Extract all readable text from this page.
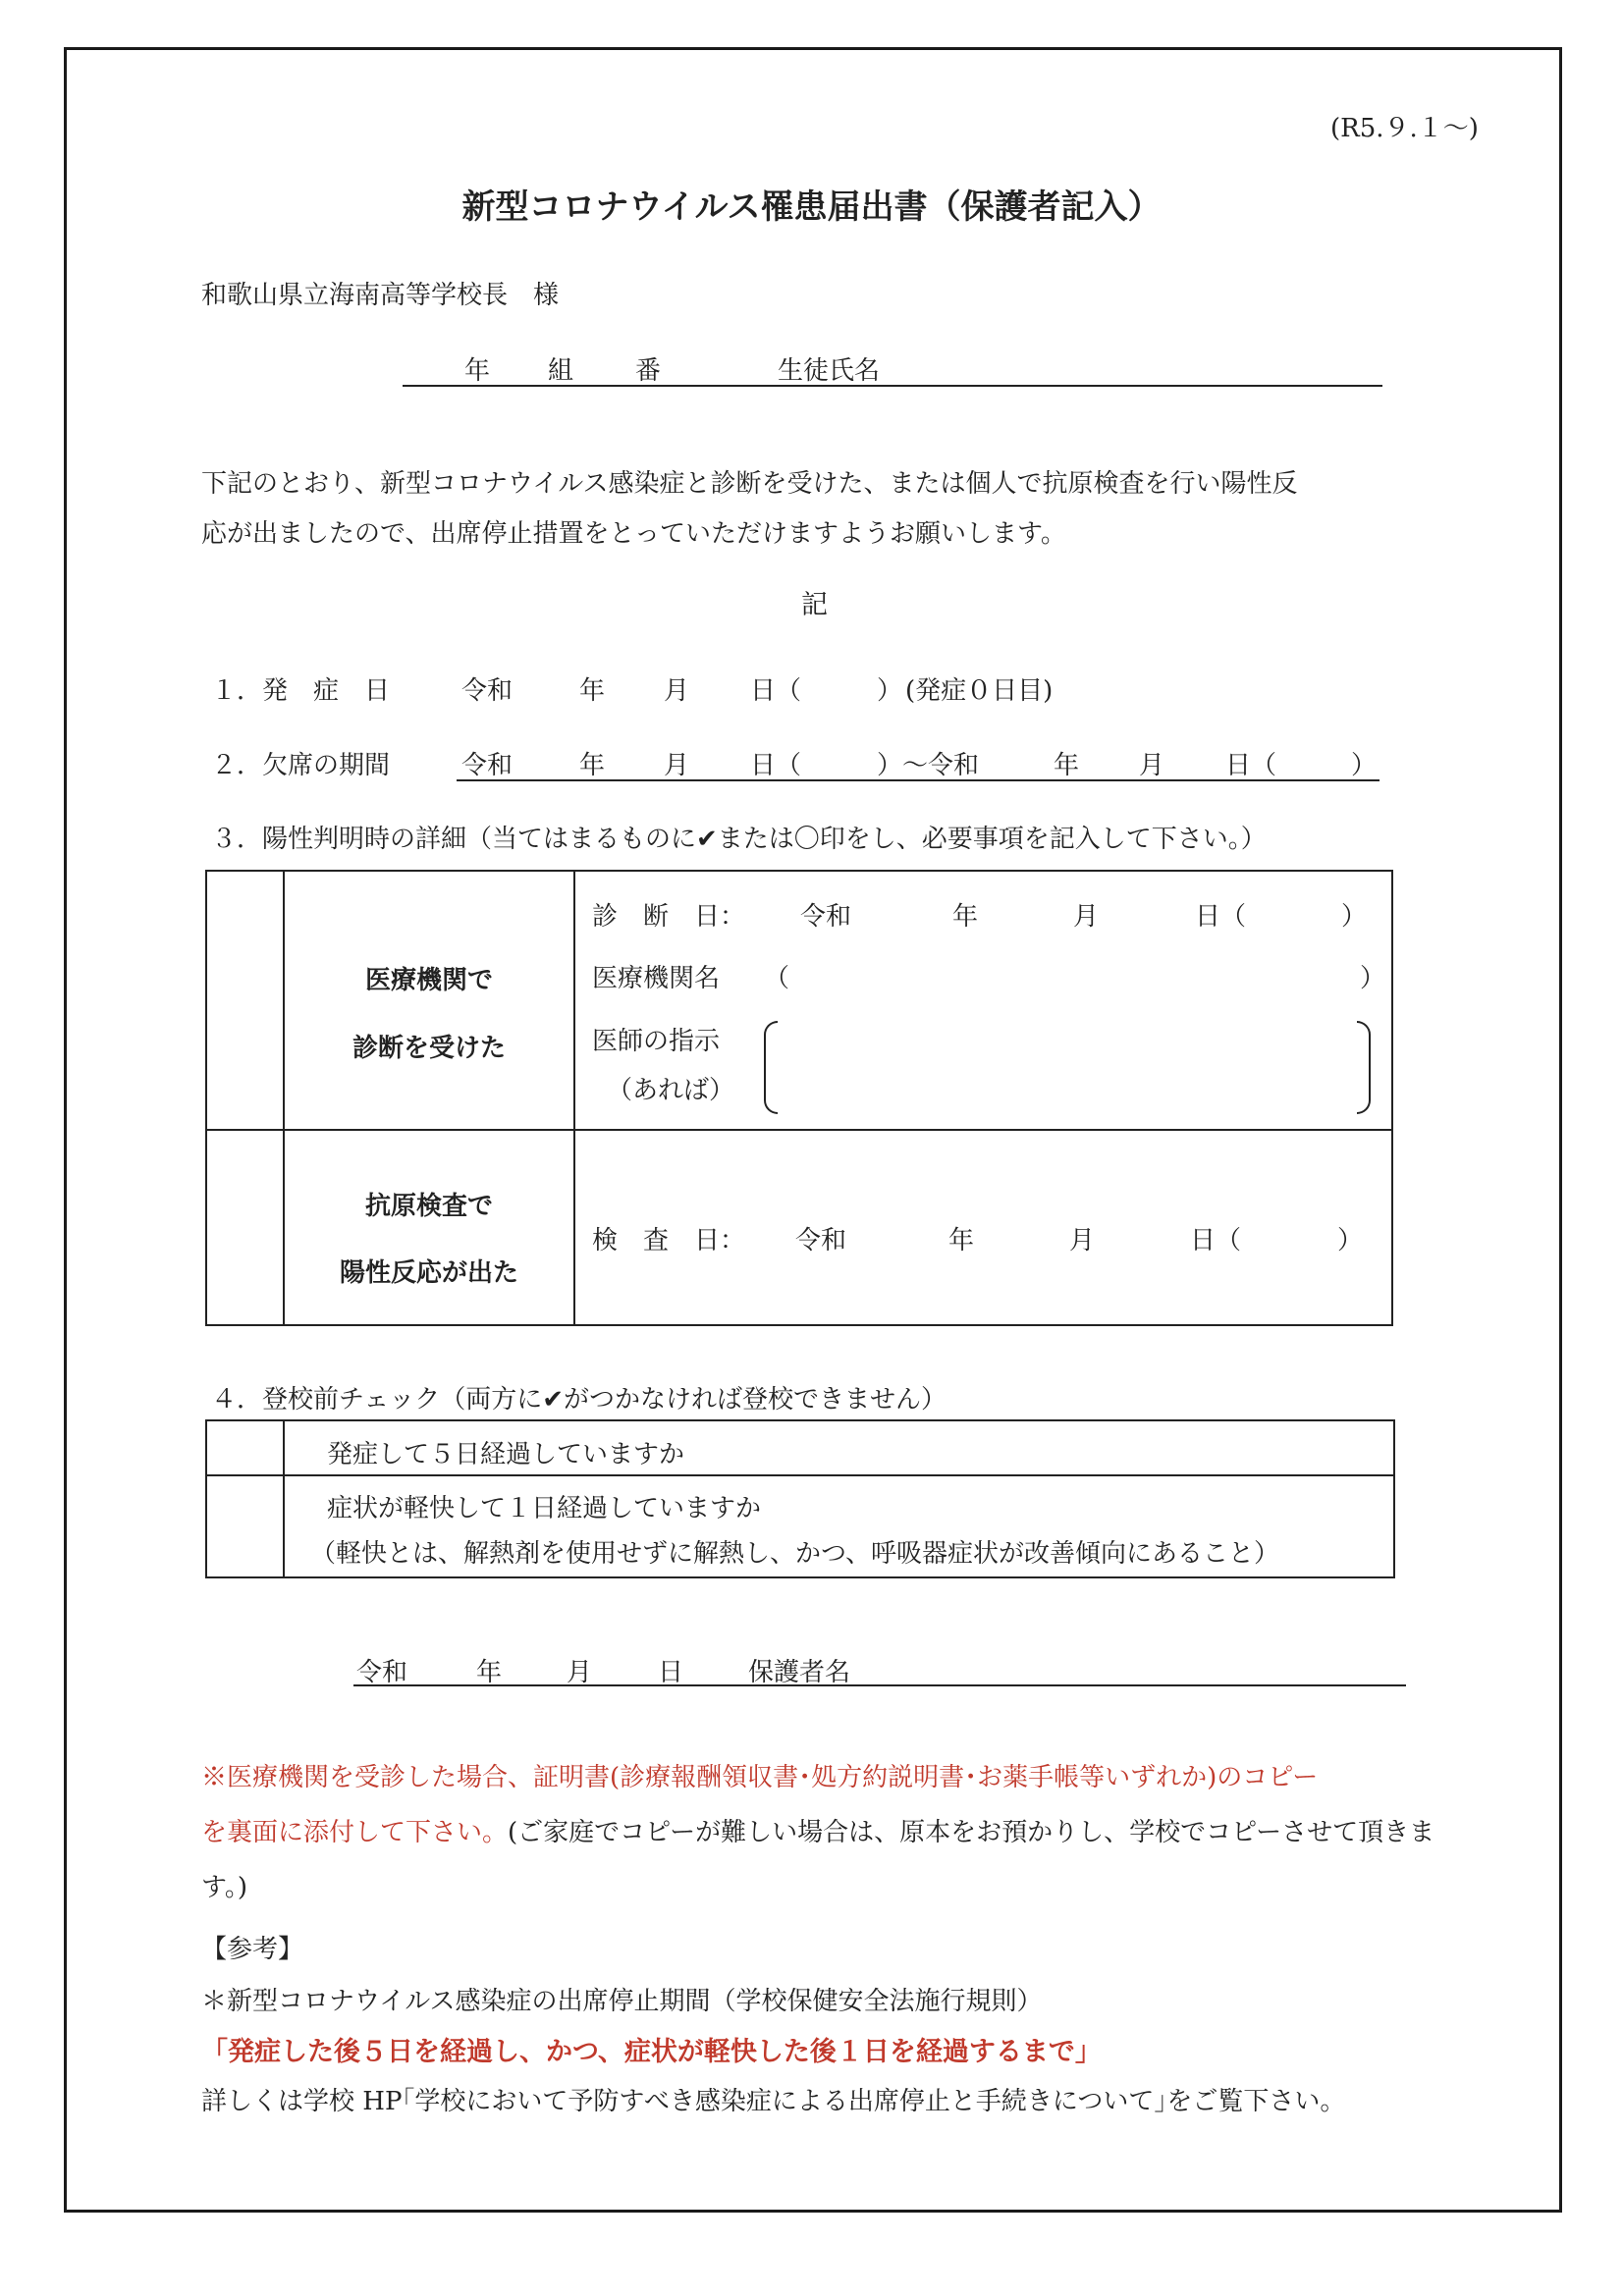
(R5.９.１～)
新型コロナウイルス罹患届出書（保護者記入）
和歌山県立海南高等学校長　様
年 組 番	生徒氏名
下記のとおり、新型コロナウイルス感染症と診断を受けた、または個人で抗原検査を行い陽性反
応が出ましたので、出席停止措置をとっていただけますようお願いします。
記
１．発　症　日	令和	年 月 日（	） (発症０日目)
２．欠席の期間	令和	年 月 日（	）～令和	年 月 日（	）
３．陽性判明時の詳細（当てはまるものに✔または〇印をし、必要事項を記入して下さい。）
医療機関で
診断を受けた
診　断　日： 令和	年	月	日（	）
医療機関名 （	）
医師の指示
（あれば）
抗原検査で
陽性反応が出た
検　査　日： 令和	年	月	日（	）
４．登校前チェック（両方に✔がつかなければ登校できません）
発症して５日経過していますか
症状が軽快して１日経過していますか
（軽快とは、解熱剤を使用せずに解熱し、かつ、呼吸器症状が改善傾向にあること）
令和	年	月	日	保護者名
※医療機関を受診した場合、証明書(診療報酬領収書･処方約説明書･お薬手帳等いずれか)のコピー
を裏面に添付して下さい。(ご家庭でコピーが難しい場合は、原本をお預かりし、学校でコピーさせて頂きま
す。)
【参考】
＊新型コロナウイルス感染症の出席停止期間（学校保健安全法施行規則）
「発症した後５日を経過し、かつ、症状が軽快した後１日を経過するまで」
詳しくは学校 HP｢学校において予防すべき感染症による出席停止と手続きについて｣をご覧下さい。
